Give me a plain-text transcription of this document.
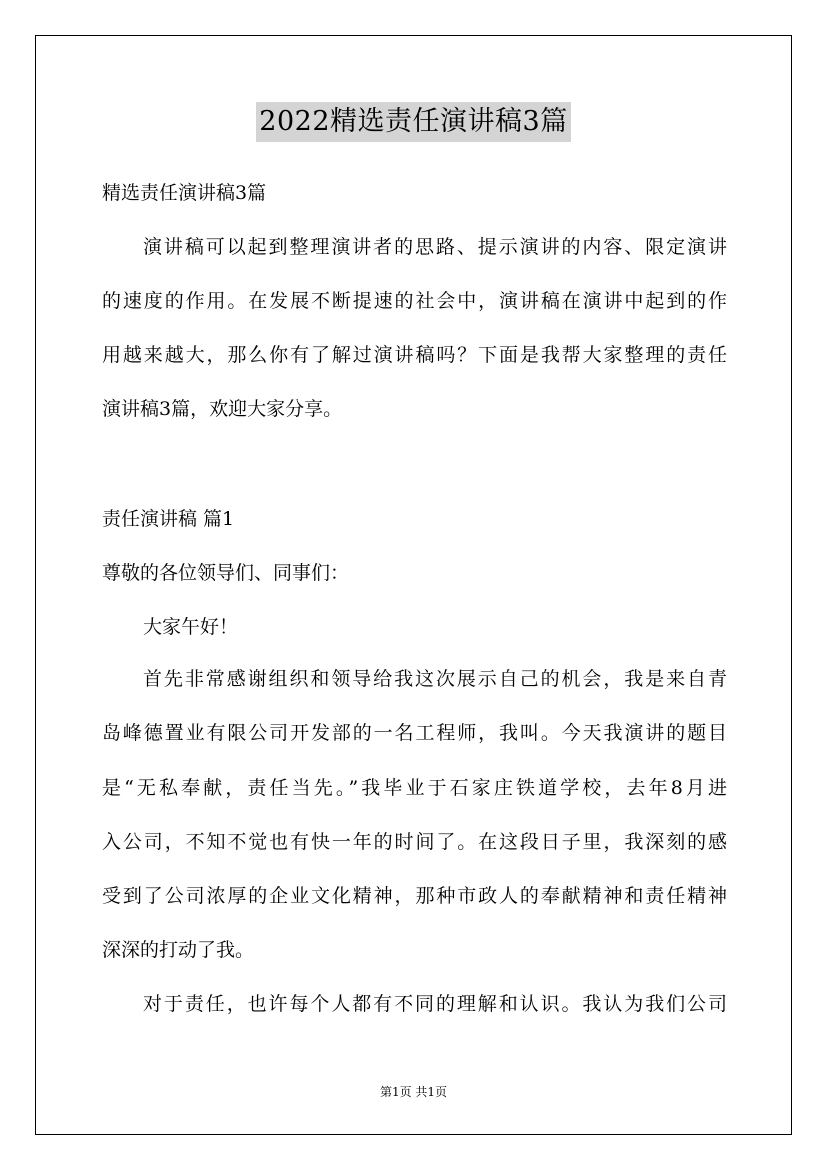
2022精选责任演讲稿3篇
精选责任演讲稿3篇
演讲稿可以起到整理演讲者的思路、提示演讲的内容、限定演讲
的速度的作用。在发展不断提速的社会中，演讲稿在演讲中起到的作
用越来越大，那么你有了解过演讲稿吗？下面是我帮大家整理的责任
演讲稿3篇，欢迎大家分享。
责任演讲稿 篇1
尊敬的各位领导们、同事们：
大家午好！
首先非常感谢组织和领导给我这次展示自己的机会，我是来自青
岛峰德置业有限公司开发部的一名工程师，我叫。今天我演讲的题目
是“无私奉献，责任当先。”我毕业于石家庄铁道学校，去年8月进
入公司，不知不觉也有快一年的时间了。在这段日子里，我深刻的感
受到了公司浓厚的企业文化精神，那种市政人的奉献精神和责任精神
深深的打动了我。
对于责任，也许每个人都有不同的理解和认识。我认为我们公司
第1页 共1页
